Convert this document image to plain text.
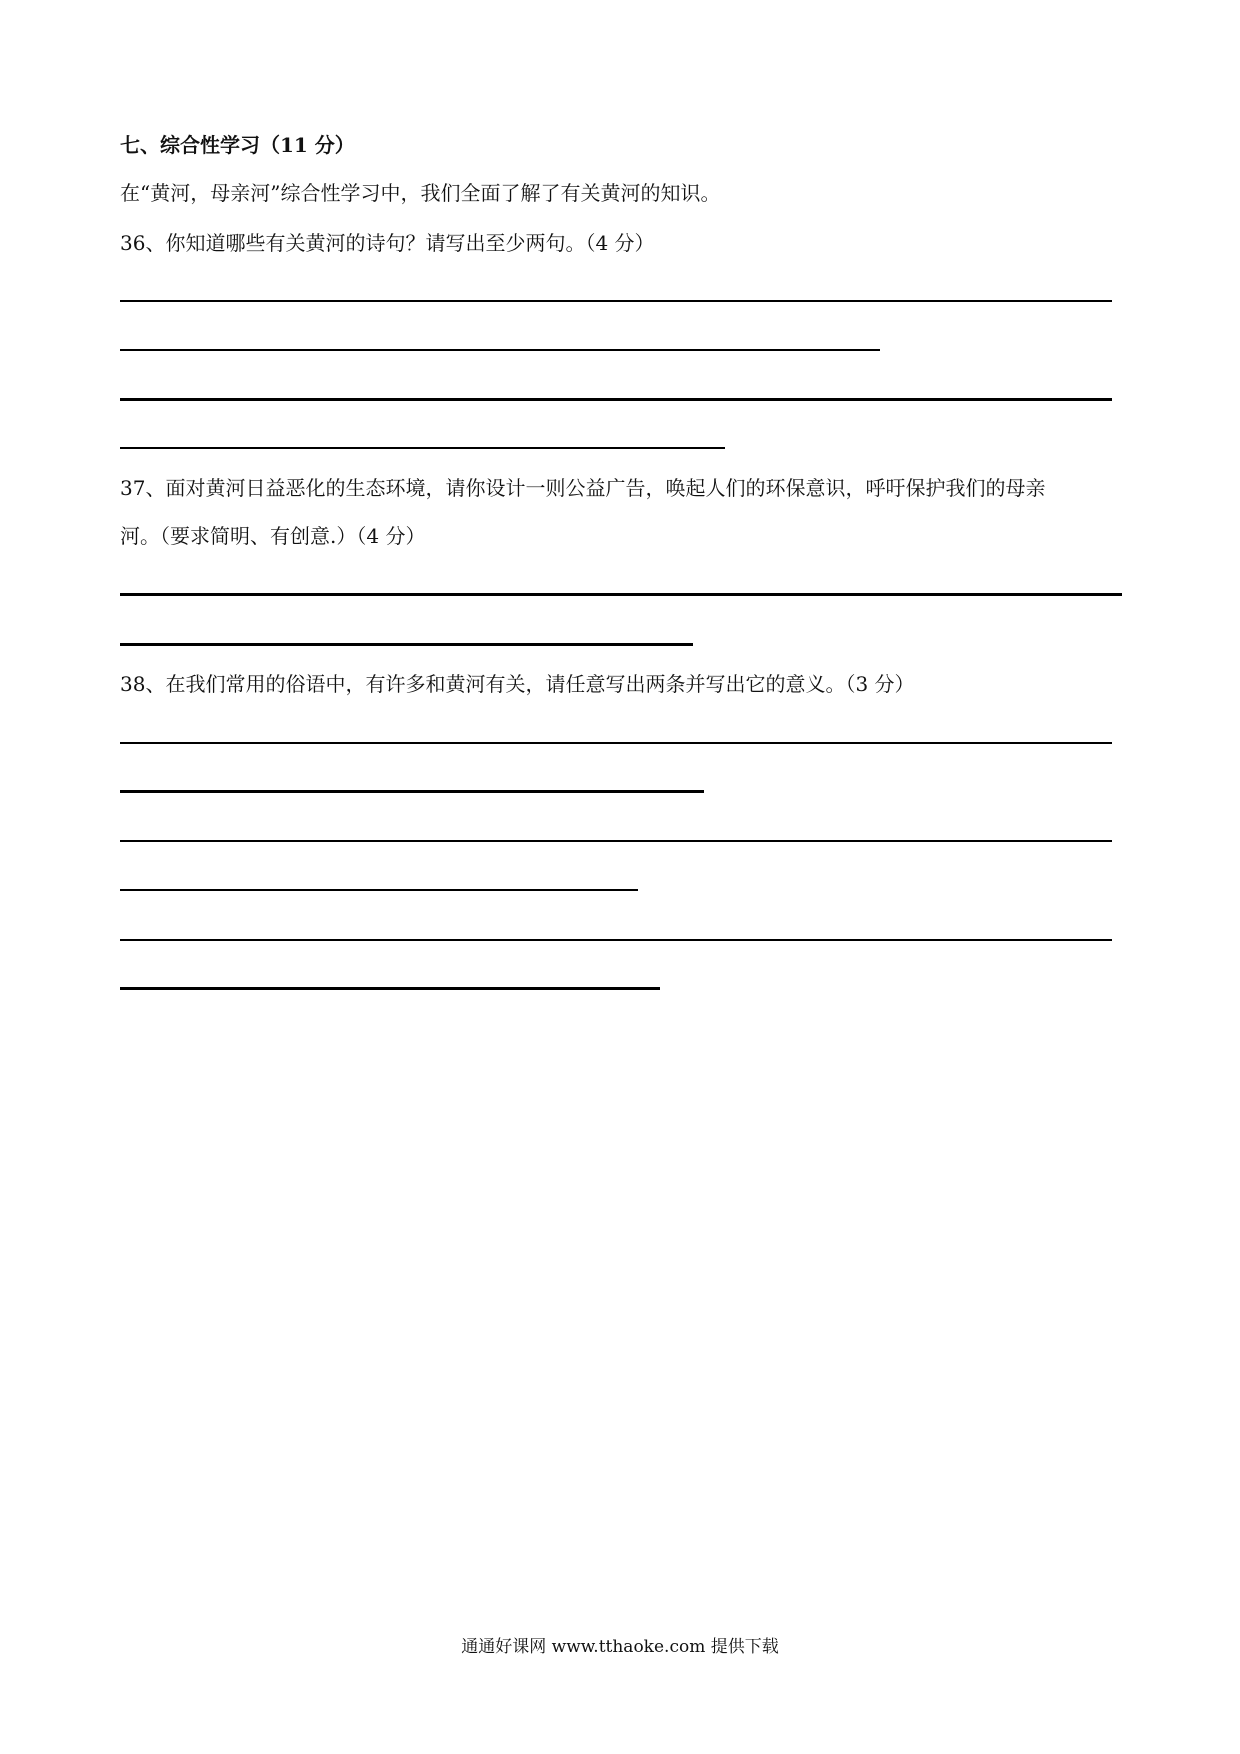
七、综合性学习（11 分）
在“黄河，母亲河”综合性学习中，我们全面了解了有关黄河的知识。
36、你知道哪些有关黄河的诗句？请写出至少两句。（4 分）
37、面对黄河日益恶化的生态环境，请你设计一则公益广告，唤起人们的环保意识，呼吁保护我们的母亲
河。（要求简明、有创意.）（4 分）
38、在我们常用的俗语中，有许多和黄河有关，请任意写出两条并写出它的意义。（3 分）
通通好课网 www.tthaoke.com 提供下载
